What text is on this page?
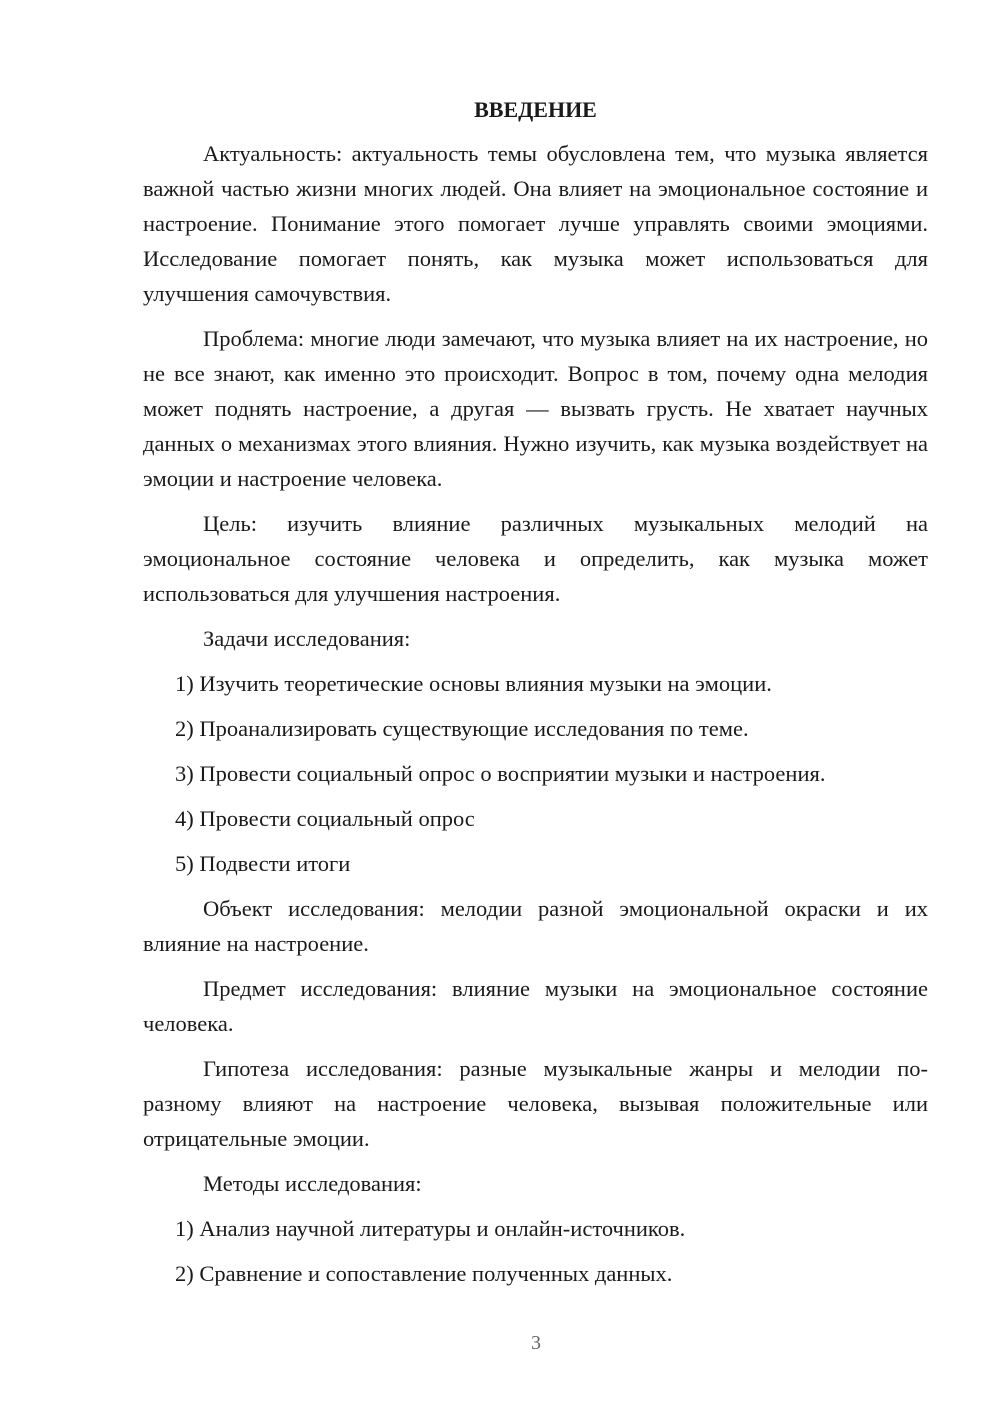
ВВЕДЕНИЕ

Актуальность: актуальность темы обусловлена тем, что музыка является важной частью жизни многих людей. Она влияет на эмоциональное состояние и настроение. Понимание этого помогает лучше управлять своими эмоциями. Исследование помогает понять, как музыка может использоваться для улучшения самочувствия.

Проблема: многие люди замечают, что музыка влияет на их настроение, но не все знают, как именно это происходит. Вопрос в том, почему одна мелодия может поднять настроение, а другая — вызвать грусть. Не хватает научных данных о механизмах этого влияния. Нужно изучить, как музыка воздействует на эмоции и настроение человека.

Цель: изучить влияние различных музыкальных мелодий на эмоциональное состояние человека и определить, как музыка может использоваться для улучшения настроения.

Задачи исследования:

1) Изучить теоретические основы влияния музыки на эмоции.

2) Проанализировать существующие исследования по теме.

3) Провести социальный опрос о восприятии музыки и настроения.

4) Провести социальный опрос

5) Подвести итоги

Объект исследования: мелодии разной эмоциональной окраски и их влияние на настроение.

Предмет исследования: влияние музыки на эмоциональное состояние человека.

Гипотеза исследования: разные музыкальные жанры и мелодии по-разному влияют на настроение человека, вызывая положительные или отрицательные эмоции.

Методы исследования:

1) Анализ научной литературы и онлайн-источников.

2) Сравнение и сопоставление полученных данных.

3
